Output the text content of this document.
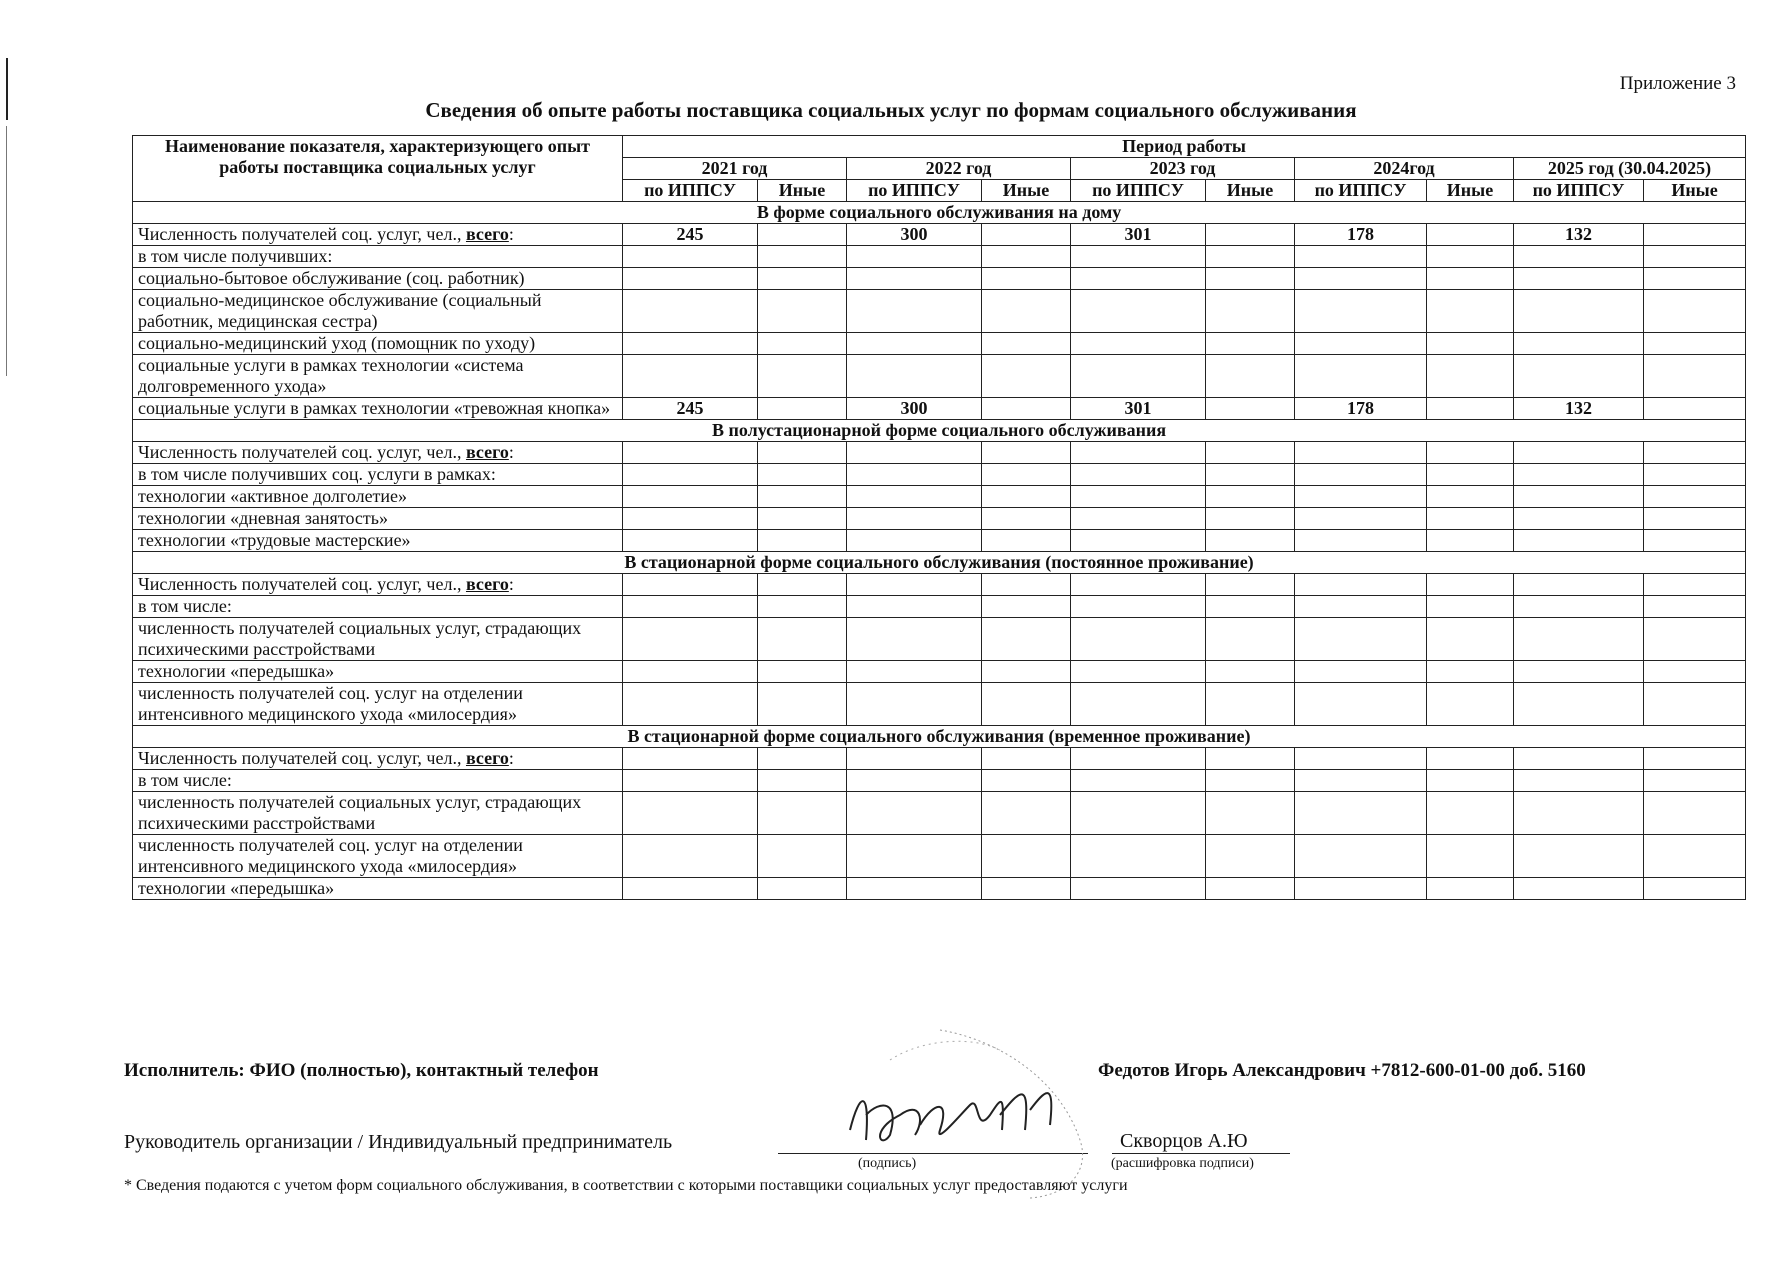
Приложение 3
Сведения об опыте работы поставщика социальных услуг по формам социального обслуживания
Наименование показателя, характеризующего опыт работы поставщика социальных услуг	Период работы									
	2021 год		2022 год		2023 год		2024год		2025 год (30.04.2025)	
	по ИППСУ	Иные	по ИППСУ	Иные	по ИППСУ	Иные	по ИППСУ	Иные	по ИППСУ	Иные
В форме социального обслуживания на дому										
Численность получателей соц. услуг, чел., всего:	245		300		301		178		132	
в том числе получивших:										
социально-бытовое обслуживание (соц. работник)										
социально-медицинское обслуживание (социальный работник, медицинская сестра)										
социально-медицинский уход (помощник по уходу)										
социальные услуги в рамках технологии «система долговременного ухода»										
социальные услуги в рамках технологии «тревожная кнопка»	245		300		301		178		132	
В полустационарной форме социального обслуживания										
Численность получателей соц. услуг, чел., всего:										
в том числе получивших соц. услуги в рамках:										
технологии «активное долголетие»										
технологии «дневная занятость»										
технологии «трудовые мастерские»										
В стационарной форме социального обслуживания (постоянное проживание)										
Численность получателей соц. услуг, чел., всего:										
в том числе:										
численность получателей социальных услуг, страдающих психическими расстройствами										
технологии «передышка»										
численность получателей соц. услуг на отделении интенсивного медицинского ухода «милосердия»										
В стационарной форме социального обслуживания (временное проживание)										
Численность получателей соц. услуг, чел., всего:										
в том числе:										
численность получателей социальных услуг, страдающих психическими расстройствами										
численность получателей соц. услуг на отделении интенсивного медицинского ухода «милосердия»										
технологии «передышка»										
Исполнитель: ФИО (полностью), контактный телефон	Федотов Игорь Александрович +7812-600-01-00 доб. 5160
Руководитель организации / Индивидуальный предприниматель	Скворцов А.Ю
(подпись)	(расшифровка подписи)
* Сведения подаются с учетом форм социального обслуживания, в соответствии с которыми поставщики социальных услуг предоставляют услуги
